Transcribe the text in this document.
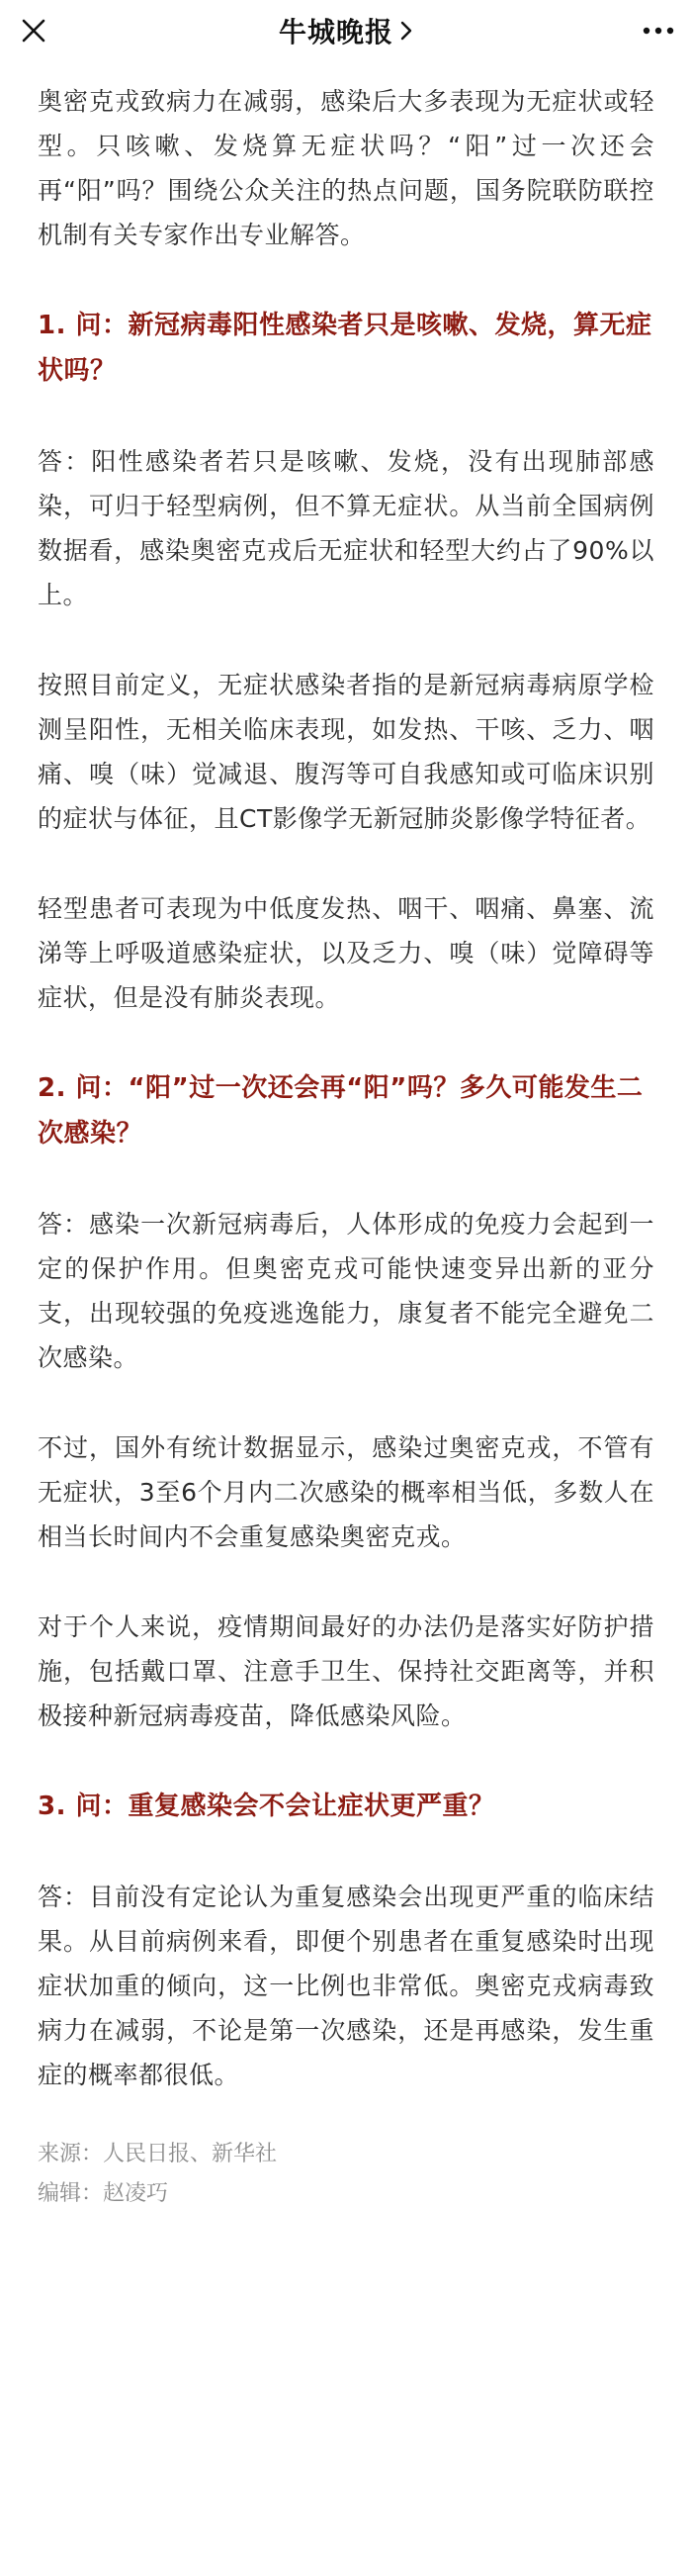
牛城晚报

奥密克戎致病力在减弱，感染后大多表现为无症状或轻型。只咳嗽、发烧算无症状吗？“阳”过一次还会再“阳”吗？围绕公众关注的热点问题，国务院联防联控机制有关专家作出专业解答。

1. 问：新冠病毒阳性感染者只是咳嗽、发烧，算无症状吗？

答：阳性感染者若只是咳嗽、发烧，没有出现肺部感染，可归于轻型病例，但不算无症状。从当前全国病例数据看，感染奥密克戎后无症状和轻型大约占了90%以上。

按照目前定义，无症状感染者指的是新冠病毒病原学检测呈阳性，无相关临床表现，如发热、干咳、乏力、咽痛、嗅（味）觉减退、腹泻等可自我感知或可临床识别的症状与体征，且CT影像学无新冠肺炎影像学特征者。

轻型患者可表现为中低度发热、咽干、咽痛、鼻塞、流涕等上呼吸道感染症状，以及乏力、嗅（味）觉障碍等症状，但是没有肺炎表现。

2. 问：“阳”过一次还会再“阳”吗？多久可能发生二次感染？

答：感染一次新冠病毒后，人体形成的免疫力会起到一定的保护作用。但奥密克戎可能快速变异出新的亚分支，出现较强的免疫逃逸能力，康复者不能完全避免二次感染。

不过，国外有统计数据显示，感染过奥密克戎，不管有无症状，3至6个月内二次感染的概率相当低，多数人在相当长时间内不会重复感染奥密克戎。

对于个人来说，疫情期间最好的办法仍是落实好防护措施，包括戴口罩、注意手卫生、保持社交距离等，并积极接种新冠病毒疫苗，降低感染风险。

3. 问：重复感染会不会让症状更严重？

答：目前没有定论认为重复感染会出现更严重的临床结果。从目前病例来看，即便个别患者在重复感染时出现症状加重的倾向，这一比例也非常低。奥密克戎病毒致病力在减弱，不论是第一次感染，还是再感染，发生重症的概率都很低。

来源：人民日报、新华社
编辑：赵凌巧
